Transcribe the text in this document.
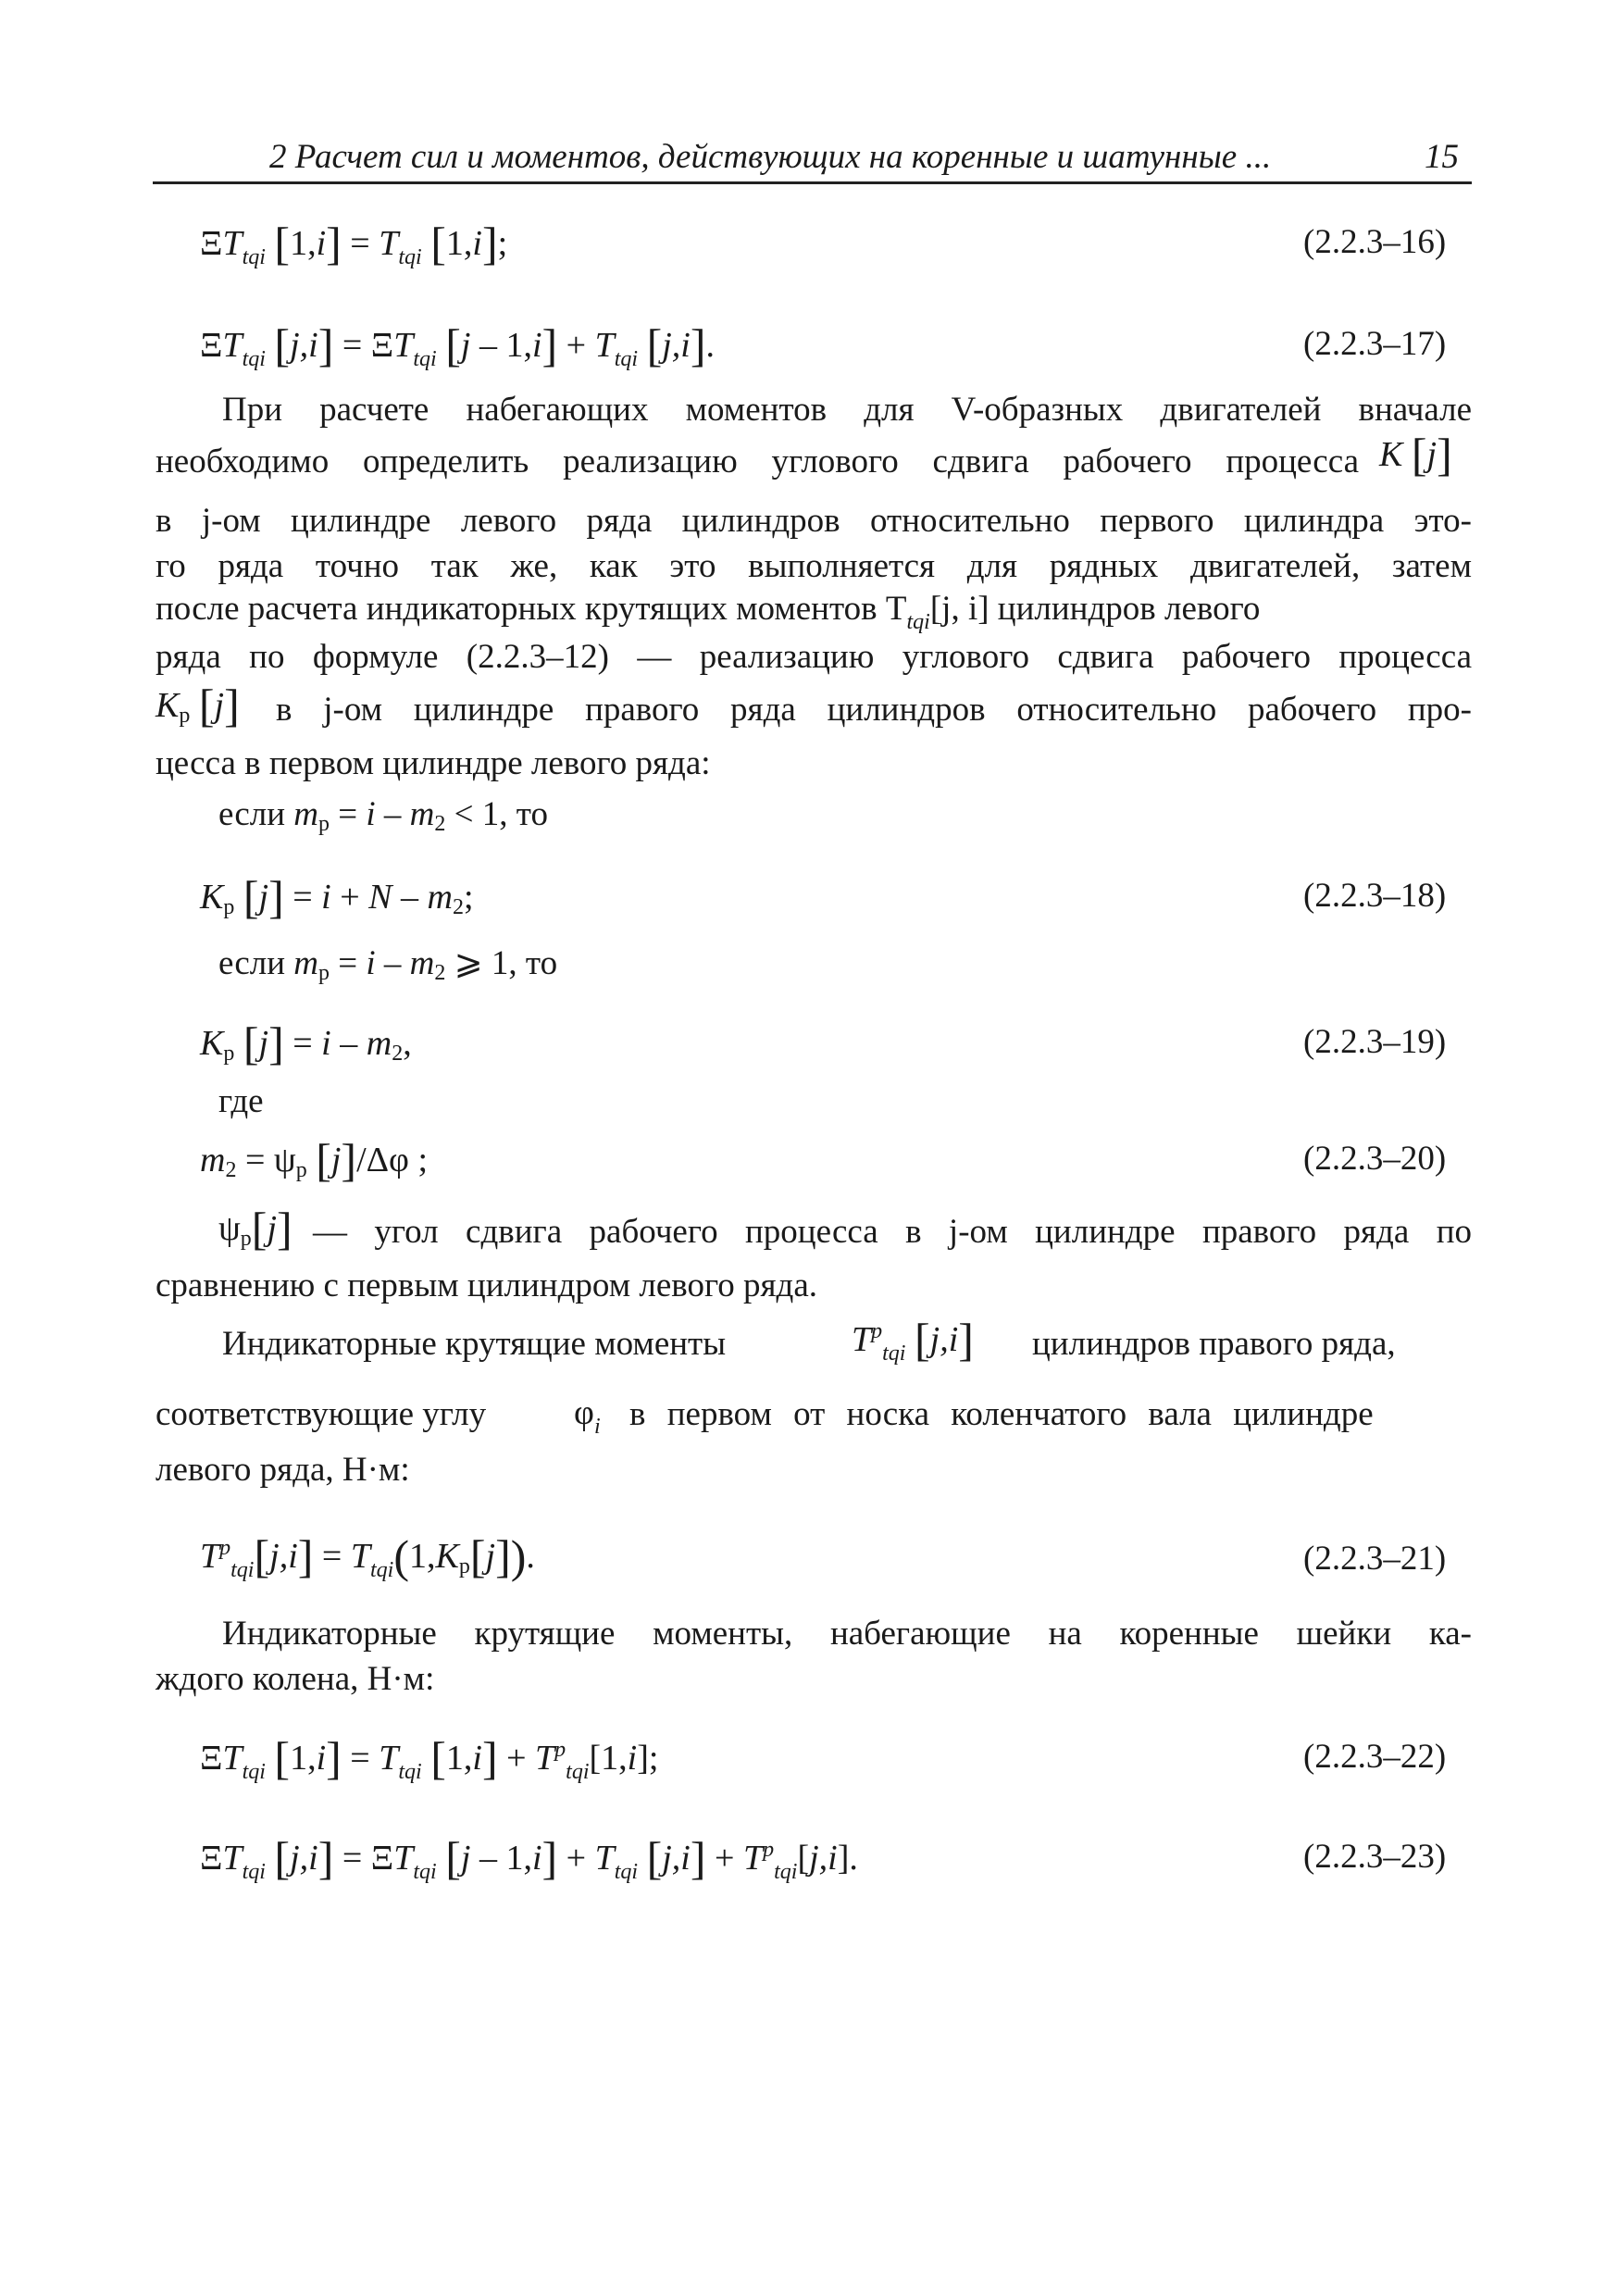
2 Расчет сил и моментов, действующих на коренные и шатунные ...	15
$\Xi T_{tqi}$ $[1,i] = T_{tqi}$ [1,i];	(2.2.3–16)
$\Xi T_{tqi}$ $[j,i] = \Xi T_{tqi}$ $[j - 1,i] + T_{tqi}$ [j,i].	(2.2.3–17)
При расчете набегающих моментов для V-образных двигателей вначале
необходимо определить реализацию углового сдвига рабочего процесса K [j]
в j-ом цилиндре левого ряда цилиндров относительно первого цилиндра это-
го ряда точно так же, как это выполняется для рядных двигателей, затем
после расчета индикаторных крутящих моментов $T_{tqi}[j$, i] цилиндров левого
ряда по формуле (2.2.3–12) — реализацию углового сдвига рабочего процесса
Kp [j] в j-ом цилиндре правого ряда цилиндров относительно рабочего про-
цесса в первом цилиндре левого ряда:
если mр = i – m2 < 1, то
Kp [j] = i + N – m2;	(2.2.3–18)
если mр = i – m2 ⩾ 1, то
Kp [j] = i – m2,	(2.2.3–19)
где
m2 = ψp [j]/Δφ ;	(2.2.3–20)
ψp[j] — угол сдвига рабочего процесса в j-ом цилиндре правого ряда по
сравнению с первым цилиндром левого ряда.
Индикаторные крутящие моменты	$T^p_{tqi}$ [j,i] цилиндров правого ряда,
соответствующие углу $\varphi_i$ в первом от носка коленчатого вала цилиндре
левого ряда, Н·м:
$T^p_{tqi}[j,i] = T_{tqi}(1,Kp[j])$.	(2.2.3–21)
Индикаторные крутящие моменты, набегающие на коренные шейки ка-
ждого колена, Н·м:
$\Xi T_{tqi}$ $[1,i] = T_{tqi}$ $[1,i] + T^p_{tqi}[1,i]$;	(2.2.3–22)
$\Xi T_{tqi}$ $[j,i] = \Xi T_{tqi}$ $[j - 1,i] + T_{tqi}$ $[j,i] + T^p_{tqi}[j,i]$.	(2.2.3–23)
